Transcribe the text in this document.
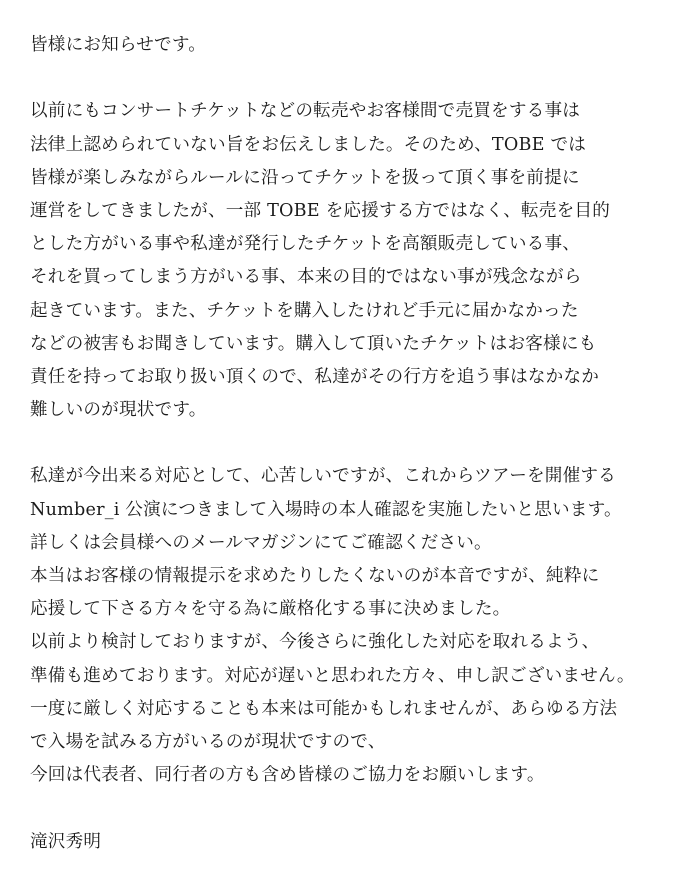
皆様にお知らせです。
以前にもコンサートチケットなどの転売やお客様間で売買をする事は
法律上認められていない旨をお伝えしました。そのため、TOBE では
皆様が楽しみながらルールに沿ってチケットを扱って頂く事を前提に
運営をしてきましたが、一部 TOBE を応援する方ではなく、転売を目的
とした方がいる事や私達が発行したチケットを高額販売している事、
それを買ってしまう方がいる事、本来の目的ではない事が残念ながら
起きています。また、チケットを購入したけれど手元に届かなかった
などの被害もお聞きしています。購入して頂いたチケットはお客様にも
責任を持ってお取り扱い頂くので、私達がその行方を追う事はなかなか
難しいのが現状です。
私達が今出来る対応として、心苦しいですが、これからツアーを開催する
Number_i 公演につきまして入場時の本人確認を実施したいと思います。
詳しくは会員様へのメールマガジンにてご確認ください。
本当はお客様の情報提示を求めたりしたくないのが本音ですが、純粋に
応援して下さる方々を守る為に厳格化する事に決めました。
以前より検討しておりますが、今後さらに強化した対応を取れるよう、
準備も進めております。対応が遅いと思われた方々、申し訳ございません。
一度に厳しく対応することも本来は可能かもしれませんが、あらゆる方法
で入場を試みる方がいるのが現状ですので、
今回は代表者、同行者の方も含め皆様のご協力をお願いします。
滝沢秀明
